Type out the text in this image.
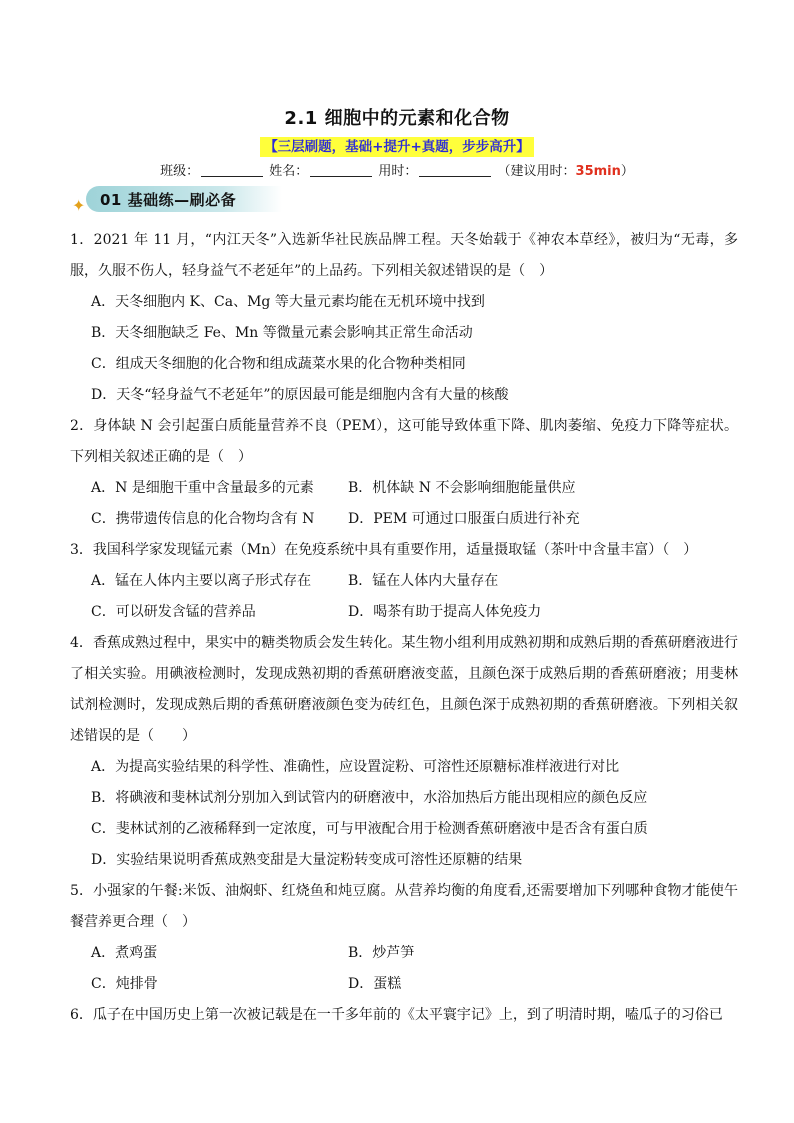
2.1 细胞中的元素和化合物
【三层刷题，基础+提升+真题，步步高升】
班级：	姓名：	用时：	（建议用时：35min）
✦ 01 基础练—刷必备
1．2021 年 11 月，“内江天冬”入选新华社民族品牌工程。天冬始载于《神农本草经》，被归为“无毒，多服，久服不伤人，轻身益气不老延年”的上品药。下列相关叙述错误的是（　）
A．天冬细胞内 K、Ca、Mg 等大量元素均能在无机环境中找到
B．天冬细胞缺乏 Fe、Mn 等微量元素会影响其正常生命活动
C．组成天冬细胞的化合物和组成蔬菜水果的化合物种类相同
D．天冬“轻身益气不老延年”的原因最可能是细胞内含有大量的核酸
2．身体缺 N 会引起蛋白质能量营养不良（PEM），这可能导致体重下降、肌肉萎缩、免疫力下降等症状。下列相关叙述正确的是（　）
A．N 是细胞干重中含量最多的元素	B．机体缺 N 不会影响细胞能量供应
C．携带遗传信息的化合物均含有 N	D．PEM 可通过口服蛋白质进行补充
3．我国科学家发现锰元素（Mn）在免疫系统中具有重要作用，适量摄取锰（茶叶中含量丰富）（　）
A．锰在人体内主要以离子形式存在	B．锰在人体内大量存在
C．可以研发含锰的营养品	D．喝茶有助于提高人体免疫力
4．香蕉成熟过程中，果实中的糖类物质会发生转化。某生物小组利用成熟初期和成熟后期的香蕉研磨液进行了相关实验。用碘液检测时，发现成熟初期的香蕉研磨液变蓝，且颜色深于成熟后期的香蕉研磨液；用斐林试剂检测时，发现成熟后期的香蕉研磨液颜色变为砖红色，且颜色深于成熟初期的香蕉研磨液。下列相关叙述错误的是（　　）
A．为提高实验结果的科学性、准确性，应设置淀粉、可溶性还原糖标准样液进行对比
B．将碘液和斐林试剂分别加入到试管内的研磨液中，水浴加热后方能出现相应的颜色反应
C．斐林试剂的乙液稀释到一定浓度，可与甲液配合用于检测香蕉研磨液中是否含有蛋白质
D．实验结果说明香蕉成熟变甜是大量淀粉转变成可溶性还原糖的结果
5．小强家的午餐:米饭、油焖虾、红烧鱼和炖豆腐。从营养均衡的角度看,还需要增加下列哪种食物才能使午餐营养更合理（　）
A．煮鸡蛋	B．炒芦笋
C．炖排骨	D．蛋糕
6．瓜子在中国历史上第一次被记载是在一千多年前的《太平寰宇记》上，到了明清时期，嗑瓜子的习俗已
